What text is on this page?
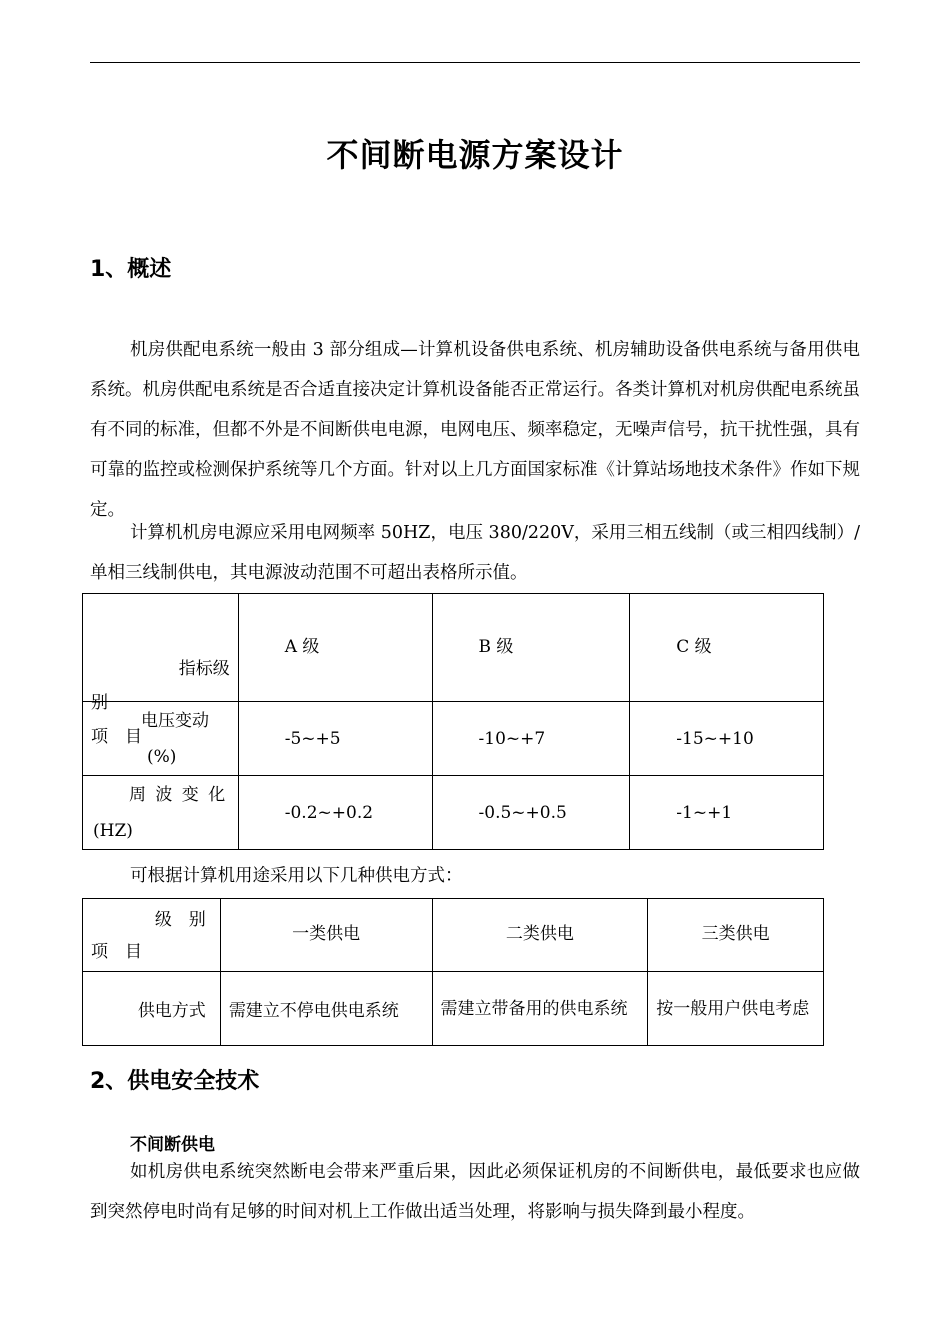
不间断电源方案设计
1、概述

机房供配电系统一般由 3 部分组成—计算机设备供电系统、机房辅助设备供电系统与备用供电系统。机房供配电系统是否合适直接决定计算机设备能否正常运行。各类计算机对机房供配电系统虽有不同的标准，但都不外是不间断供电电源，电网电压、频率稳定，无噪声信号，抗干扰性强，具有可靠的监控或检测保护系统等几个方面。针对以上几方面国家标准《计算站场地技术条件》作如下规定。

计算机机房电源应采用电网频率 50HZ，电压 380/220V，采用三相五线制（或三相四线制）/单相三线制供电，其电源波动范围不可超出表格所示值。

指标级
别
项　目	A 级	B 级	C 级

电压变动
(%)	-5~+5	-10~+7	-15~+10

周 波 变 化
(HZ)	-0.2~+0.2	-0.5~+0.5	-1~+1
可根据计算机用途采用以下几种供电方式：
级　别
项　目	一类供电	二类供电	三类供电
供电方式	需建立不停电供电系统	需建立带备用的供电系统	按一般用户供电考虑
2、供电安全技术
不间断供电

如机房供电系统突然断电会带来严重后果，因此必须保证机房的不间断供电，最低要求也应做到突然停电时尚有足够的时间对机上工作做出适当处理，将影响与损失降到最小程度。
